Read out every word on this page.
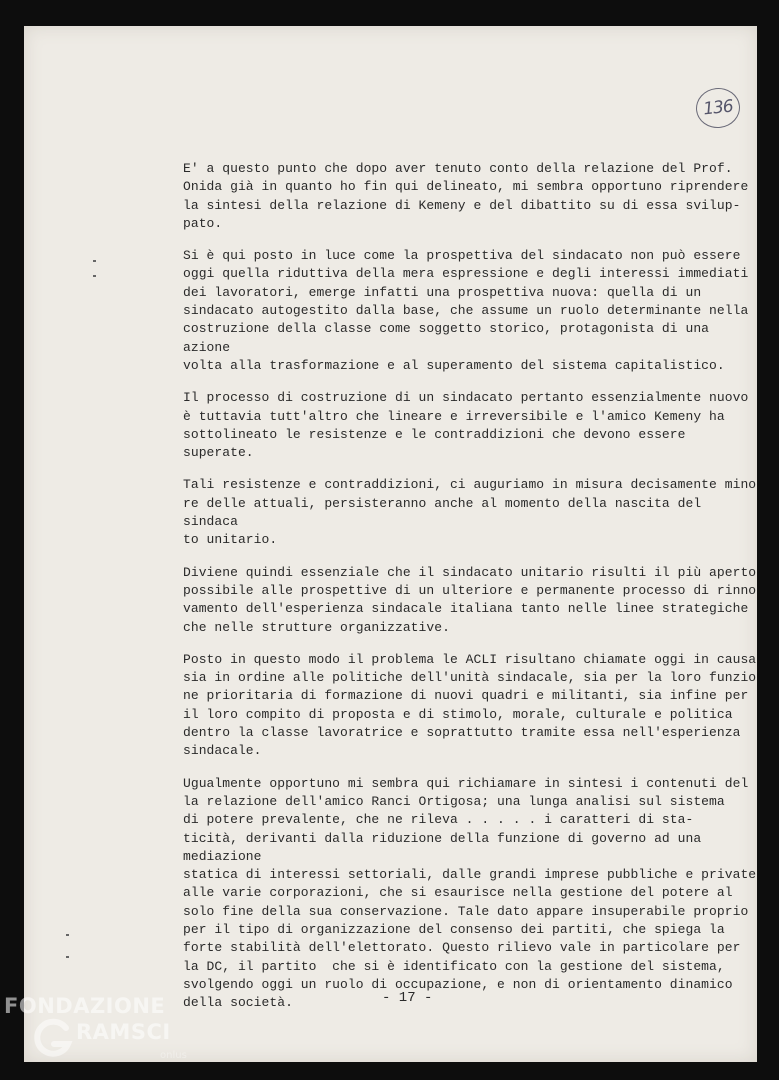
136

E' a questo punto che dopo aver tenuto conto della relazione del Prof.
Onida già in quanto ho fin qui delineato, mi sembra opportuno riprendere
la sintesi della relazione di Kemeny e del dibattito su di essa svilup-
pato.

Si è qui posto in luce come la prospettiva del sindacato non può essere
oggi quella riduttiva della mera espressione e degli interessi immediati
dei lavoratori, emerge infatti una prospettiva nuova: quella di un
sindacato autogestito dalla base, che assume un ruolo determinante nella
costruzione della classe come soggetto storico, protagonista di una azione
volta alla trasformazione e al superamento del sistema capitalistico.

Il processo di costruzione di un sindacato pertanto essenzialmente nuovo
è tuttavia tutt'altro che lineare e irreversibile e l'amico Kemeny ha
sottolineato le resistenze e le contraddizioni che devono essere superate.

Tali resistenze e contraddizioni, ci auguriamo in misura decisamente mino
re delle attuali, persisteranno anche al momento della nascita del sindaca
to unitario.

Diviene quindi essenziale che il sindacato unitario risulti il più aperto
possibile alle prospettive di un ulteriore e permanente processo di rinno
vamento dell'esperienza sindacale italiana tanto nelle linee strategiche
che nelle strutture organizzative.

Posto in questo modo il problema le ACLI risultano chiamate oggi in causa
sia in ordine alle politiche dell'unità sindacale, sia per la loro funzio
ne prioritaria di formazione di nuovi quadri e militanti, sia infine per
il loro compito di proposta e di stimolo, morale, culturale e politica
dentro la classe lavoratrice e soprattutto tramite essa nell'esperienza
sindacale.

Ugualmente opportuno mi sembra qui richiamare in sintesi i contenuti del
la relazione dell'amico Ranci Ortigosa; una lunga analisi sul sistema
di potere prevalente, che ne rileva . . . . . i caratteri di sta-
ticità, derivanti dalla riduzione della funzione di governo ad una mediazione
statica di interessi settoriali, dalle grandi imprese pubbliche e private
alle varie corporazioni, che si esaurisce nella gestione del potere al
solo fine della sua conservazione. Tale dato appare insuperabile proprio
per il tipo di organizzazione del consenso dei partiti, che spiega la
forte stabilità dell'elettorato. Questo rilievo vale in particolare per
la DC, il partito  che si è identificato con la gestione del sistema,
svolgendo oggi un ruolo di occupazione, e non di orientamento dinamico
della società.	- 17 -
FONDAZIONE
RAMSCI
onlus
